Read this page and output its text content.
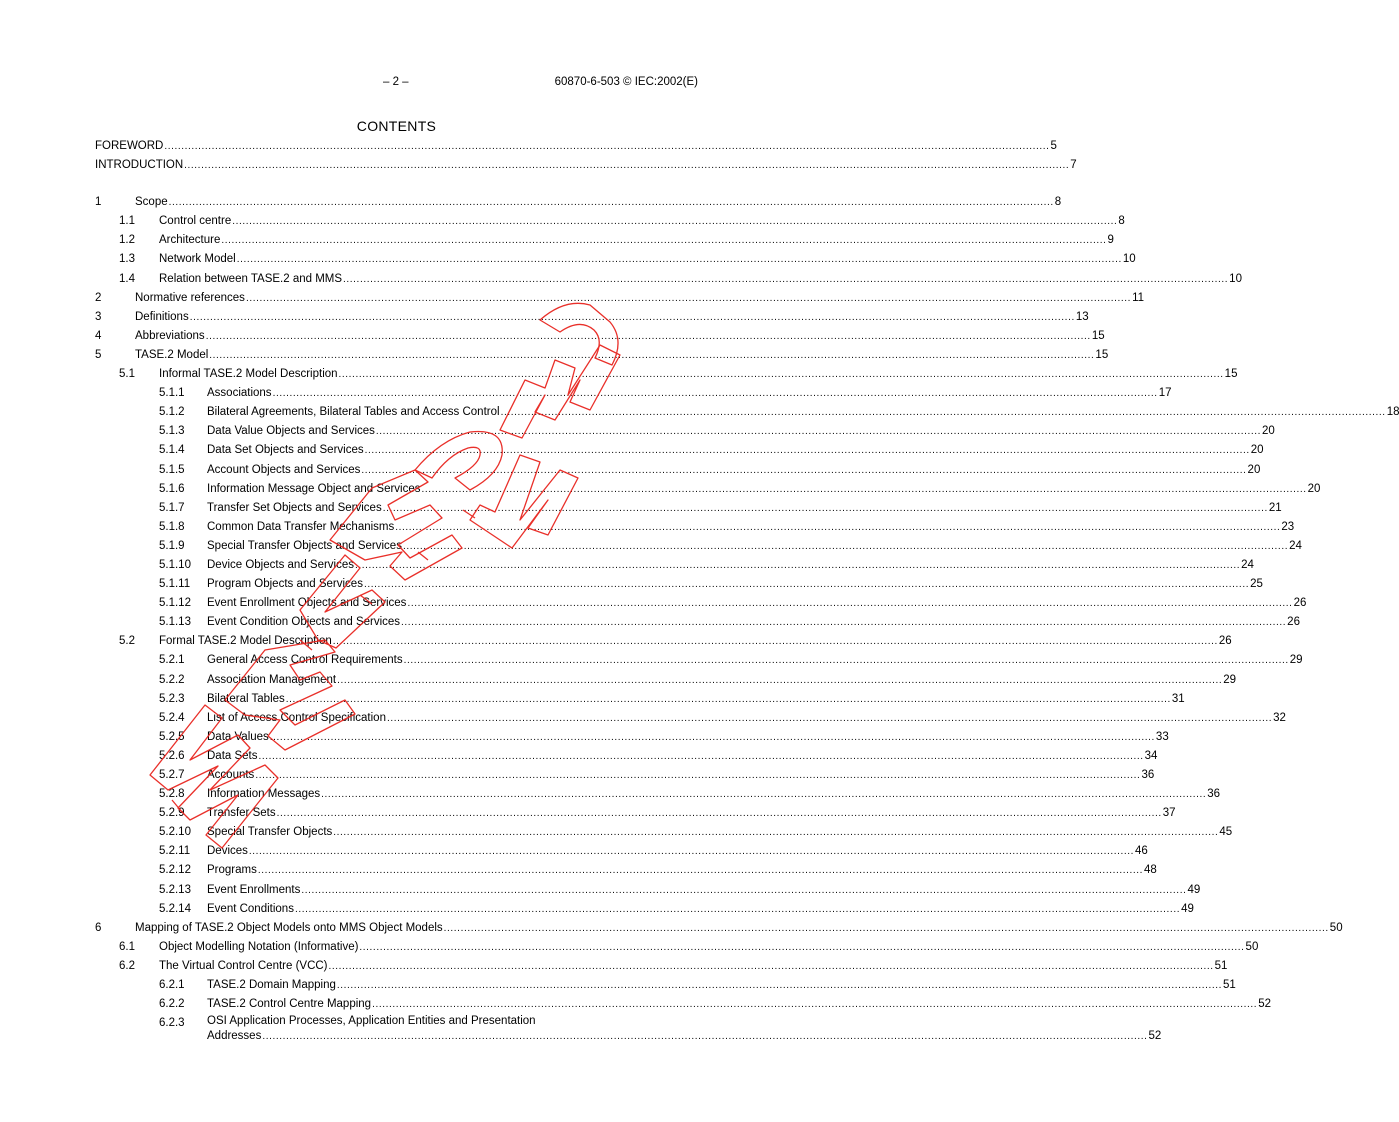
– 2 –	60870-6-503 © IEC:2002(E)
CONTENTS
FOREWORD .....	5
INTRODUCTION .....	7
1	Scope .....	8
1.1	Control centre .....	8
1.2	Architecture .....	9
1.3	Network Model .....	10
1.4	Relation between TASE.2 and MMS .....	10
2	Normative references .....	11
3	Definitions .....	13
4	Abbreviations .....	15
5	TASE.2 Model .....	15
5.1	Informal TASE.2 Model Description .....	15
5.1.1	Associations .....	17
5.1.2	Bilateral Agreements, Bilateral Tables and Access Control .....	18
5.1.3	Data Value Objects and Services .....	20
5.1.4	Data Set Objects and Services .....	20
5.1.5	Account Objects and Services .....	20
5.1.6	Information Message Object and Services .....	20
5.1.7	Transfer Set Objects and Services .....	21
5.1.8	Common Data Transfer Mechanisms .....	23
5.1.9	Special Transfer Objects and Services .....	24
5.1.10	Device Objects and Services .....	24
5.1.11	Program Objects and Services .....	25
5.1.12	Event Enrollment Objects and Services .....	26
5.1.13	Event Condition Objects and Services .....	26
5.2	Formal TASE.2 Model Description .....	26
5.2.1	General Access Control Requirements .....	29
5.2.2	Association Management .....	29
5.2.3	Bilateral Tables .....	31
5.2.4	List of Access Control Specification .....	32
5.2.5	Data Values .....	33
5.2.6	Data Sets .....	34
5.2.7	Accounts .....	36
5.2.8	Information Messages .....	36
5.2.9	Transfer Sets .....	37
5.2.10	Special Transfer Objects .....	45
5.2.11	Devices .....	46
5.2.12	Programs .....	48
5.2.13	Event Enrollments .....	49
5.2.14	Event Conditions .....	49
6	Mapping of TASE.2 Object Models onto MMS Object Models .....	50
6.1	Object Modelling Notation (Informative) .....	50
6.2	The Virtual Control Centre (VCC) .....	51
6.2.1	TASE.2 Domain Mapping .....	51
6.2.2	TASE.2 Control Centre Mapping .....	52
6.2.3	OSI Application Processes, Application Entities and Presentation
Addresses .....	52
